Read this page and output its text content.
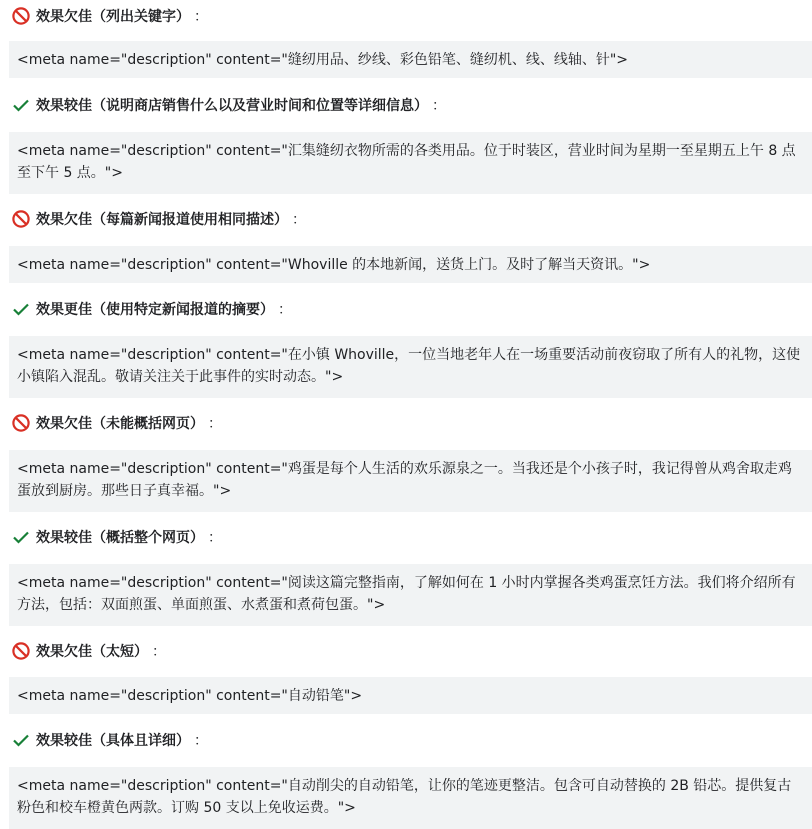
效果欠佳（列出关键字） ：
<meta name="description" content="缝纫用品、纱线、彩色铅笔、缝纫机、线、线轴、针">
效果较佳（说明商店销售什么以及营业时间和位置等详细信息） ：
<meta name="description" content="汇集缝纫衣物所需的各类用品。位于时装区，营业时间为星期一至星期五上午 8 点至下午 5 点。">
效果欠佳（每篇新闻报道使用相同描述） ：
<meta name="description" content="Whoville 的本地新闻，送货上门。及时了解当天资讯。">
效果更佳（使用特定新闻报道的摘要） ：
<meta name="description" content="在小镇 Whoville，一位当地老年人在一场重要活动前夜窃取了所有人的礼物，这使小镇陷入混乱。敬请关注关于此事件的实时动态。">
效果欠佳（未能概括网页） ：
<meta name="description" content="鸡蛋是每个人生活的欢乐源泉之一。当我还是个小孩子时，我记得曾从鸡舍取走鸡蛋放到厨房。那些日子真幸福。">
效果较佳（概括整个网页） ：
<meta name="description" content="阅读这篇完整指南，了解如何在 1 小时内掌握各类鸡蛋烹饪方法。我们将介绍所有方法，包括：双面煎蛋、单面煎蛋、水煮蛋和煮荷包蛋。">
效果欠佳（太短） ：
<meta name="description" content="自动铅笔">
效果较佳（具体且详细） ：
<meta name="description" content="自动削尖的自动铅笔，让你的笔迹更整洁。包含可自动替换的 2B 铅芯。提供复古粉色和校车橙黄色两款。订购 50 支以上免收运费。">
